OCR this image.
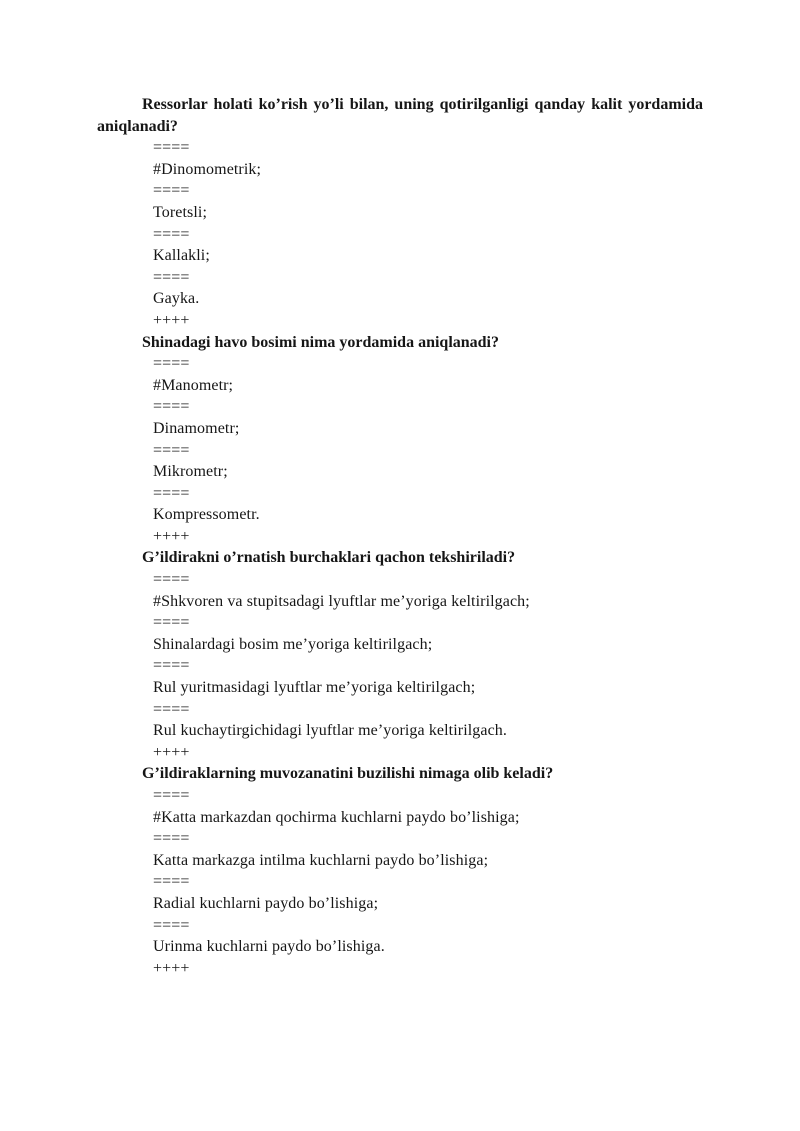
Ressorlar holati ko’rish yo’li bilan, uning qotirilganligi qanday kalit yordamida aniqlanadi?

====

#Dinomometrik;

====

Toretsli;

====

Kallakli;

====

Gayka.

++++

Shinadagi havo bosimi nima yordamida aniqlanadi?

====

#Manometr;

====

Dinamometr;

====

Mikrometr;

====

Kompressometr.

++++

G’ildirakni o’rnatish burchaklari qachon tekshiriladi?

====

#Shkvoren va stupitsadagi lyuftlar me’yoriga keltirilgach;

====

Shinalardagi bosim me’yoriga keltirilgach;

====

Rul yuritmasidagi lyuftlar me’yoriga keltirilgach;

====

Rul kuchaytirgichidagi lyuftlar me’yoriga keltirilgach.

++++

G’ildiraklarning muvozanatini buzilishi nimaga olib keladi?

====

#Katta markazdan qochirma kuchlarni paydo bo’lishiga;

====

Katta markazga intilma kuchlarni paydo bo’lishiga;

====

Radial kuchlarni paydo bo’lishiga;

====

Urinma kuchlarni paydo bo’lishiga.

++++
